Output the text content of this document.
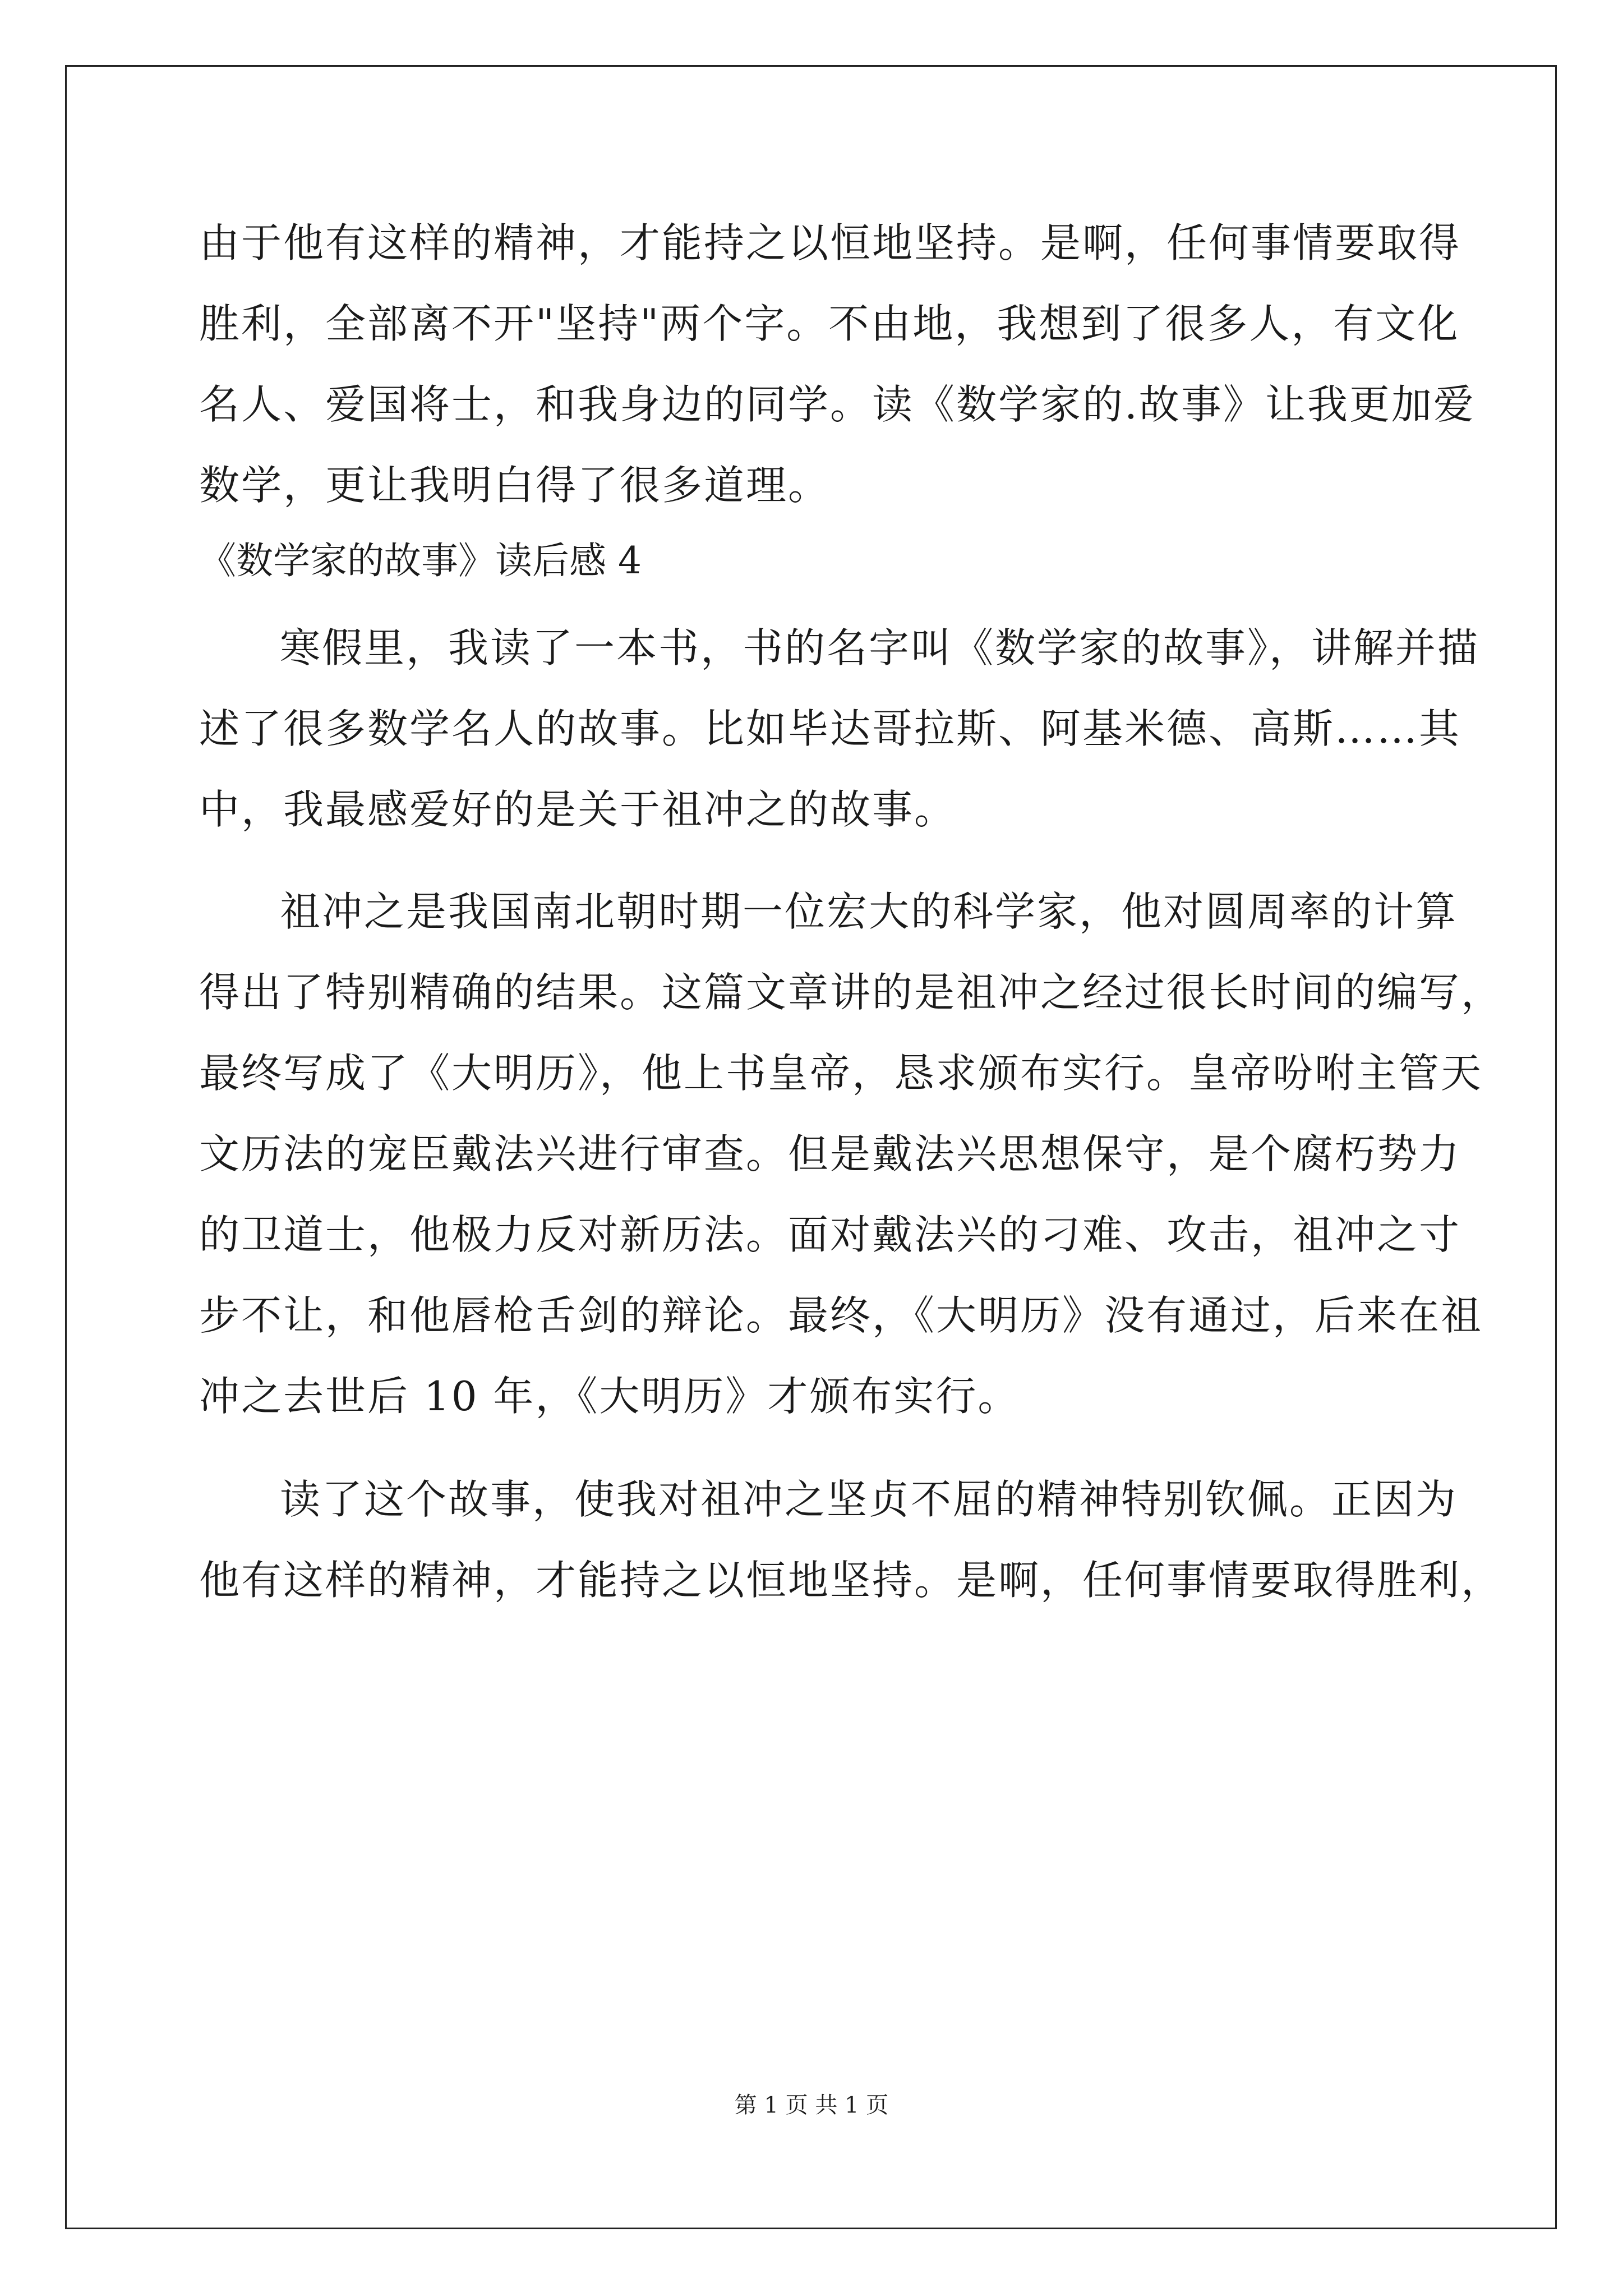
由于他有这样的精神，才能持之以恒地坚持。是啊，任何事情要取得
胜利，全部离不开"坚持"两个字。不由地，我想到了很多人，有文化
名人、爱国将士，和我身边的同学。读《数学家的.故事》让我更加爱
数学，更让我明白得了很多道理。
《数学家的故事》读后感 4
寒假里，我读了一本书，书的名字叫《数学家的故事》，讲解并描
述了很多数学名人的故事。比如毕达哥拉斯、阿基米德、高斯……其
中，我最感爱好的是关于祖冲之的故事。
祖冲之是我国南北朝时期一位宏大的科学家，他对圆周率的计算
得出了特别精确的结果。这篇文章讲的是祖冲之经过很长时间的编写，
最终写成了《大明历》，他上书皇帝，恳求颁布实行。皇帝吩咐主管天
文历法的宠臣戴法兴进行审查。但是戴法兴思想保守，是个腐朽势力
的卫道士，他极力反对新历法。面对戴法兴的刁难、攻击，祖冲之寸
步不让，和他唇枪舌剑的辩论。最终，《大明历》没有通过，后来在祖
冲之去世后 10 年，《大明历》才颁布实行。
读了这个故事，使我对祖冲之坚贞不屈的精神特别钦佩。正因为
他有这样的精神，才能持之以恒地坚持。是啊，任何事情要取得胜利，
第 1 页 共 1 页
